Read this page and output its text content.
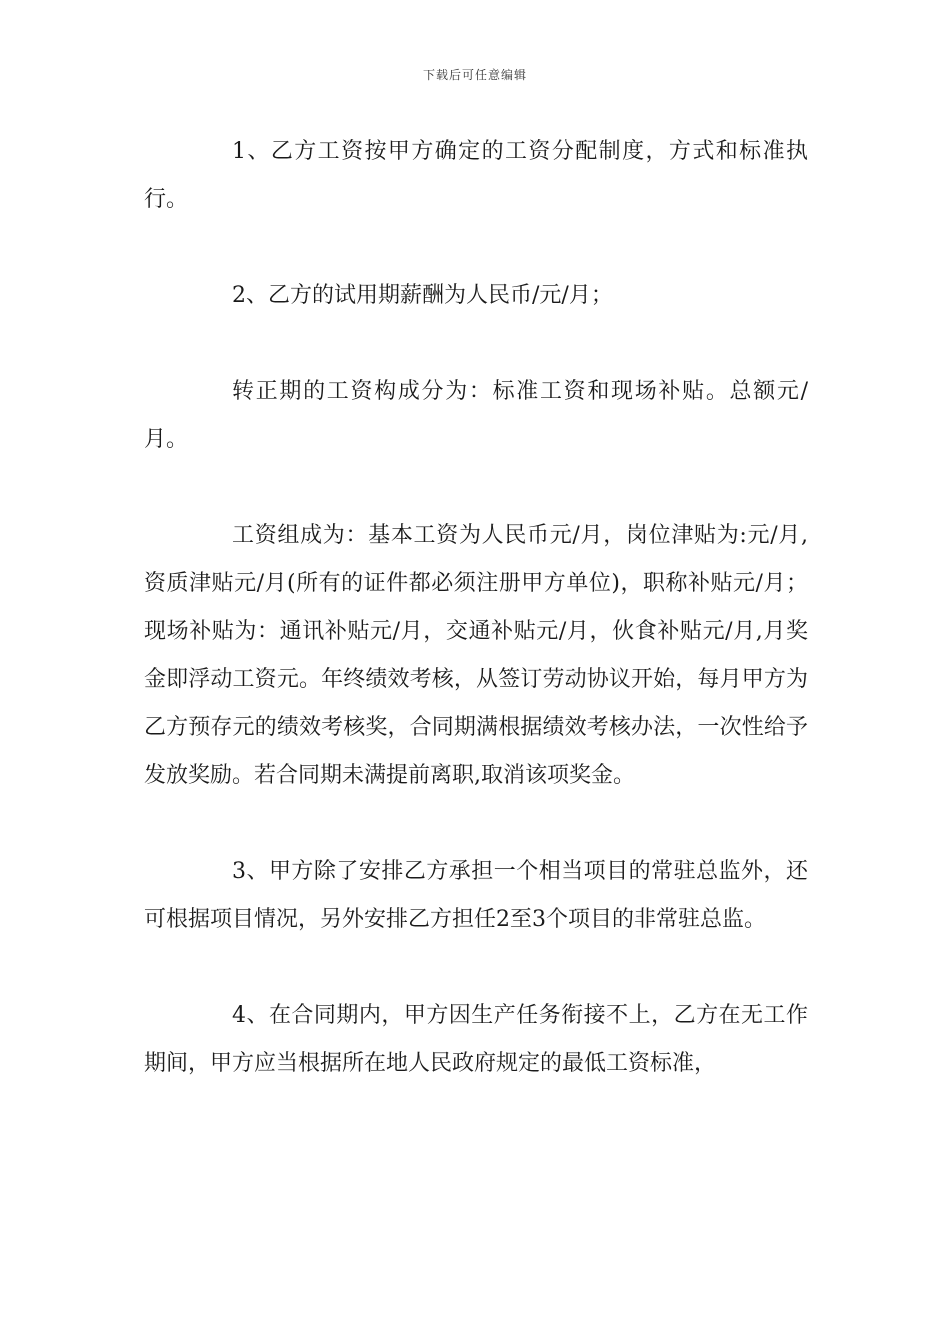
下载后可任意编辑

1、乙方工资按甲方确定的工资分配制度，方式和标准执行。

2、乙方的试用期薪酬为人民币/元/月；

转正期的工资构成分为：标准工资和现场补贴。总额元/月。

工资组成为：基本工资为人民币元/月，岗位津贴为:元/月,资质津贴元/月(所有的证件都必须注册甲方单位)，职称补贴元/月；现场补贴为：通讯补贴元/月，交通补贴元/月，伙食补贴元/月,月奖金即浮动工资元。年终绩效考核，从签订劳动协议开始，每月甲方为乙方预存元的绩效考核奖，合同期满根据绩效考核办法，一次性给予发放奖励。若合同期未满提前离职,取消该项奖金。

3、甲方除了安排乙方承担一个相当项目的常驻总监外，还可根据项目情况，另外安排乙方担任2至3个项目的非常驻总监。

4、在合同期内，甲方因生产任务衔接不上，乙方在无工作期间，甲方应当根据所在地人民政府规定的最低工资标准，
